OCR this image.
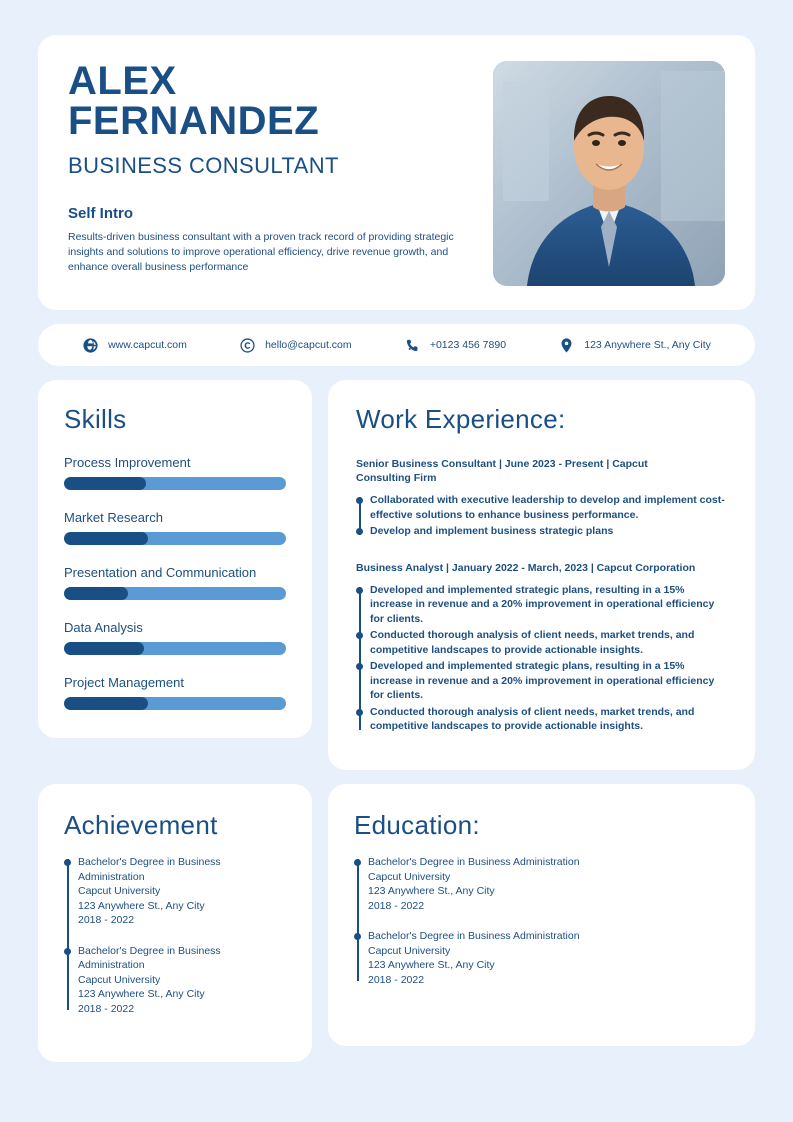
ALEX
FERNANDEZ
BUSINESS CONSULTANT
Self Intro
Results-driven business consultant with a proven track record of providing strategic insights and solutions to improve operational efficiency, drive revenue growth, and enhance overall business performance
www.capcut.com	hello@capcut.com	+0123 456 7890	123 Anywhere St., Any City
Skills
Process Improvement
Market Research
Presentation and Communication
Data Analysis
Project Management
Work Experience:
Senior Business Consultant | June 2023 - Present | Capcut Consulting Firm
Collaborated with executive leadership to develop and implement cost-effective solutions to enhance business performance.
Develop and implement business strategic plans
Business Analyst | January 2022 - March, 2023 | Capcut Corporation
Developed and implemented strategic plans, resulting in a 15% increase in revenue and a 20% improvement in operational efficiency for clients.
Conducted thorough analysis of client needs, market trends, and competitive landscapes to provide actionable insights.
Developed and implemented strategic plans, resulting in a 15% increase in revenue and a 20% improvement in operational efficiency for clients.
Conducted thorough analysis of client needs, market trends, and competitive landscapes to provide actionable insights.
Achievement
Bachelor's Degree in Business Administration
Capcut University
123 Anywhere St., Any City
2018 - 2022
Bachelor's Degree in Business Administration
Capcut University
123 Anywhere St., Any City
2018 - 2022
Education:
Bachelor's Degree in Business Administration
Capcut University
123 Anywhere St., Any City
2018 - 2022
Bachelor's Degree in Business Administration
Capcut University
123 Anywhere St., Any City
2018 - 2022
